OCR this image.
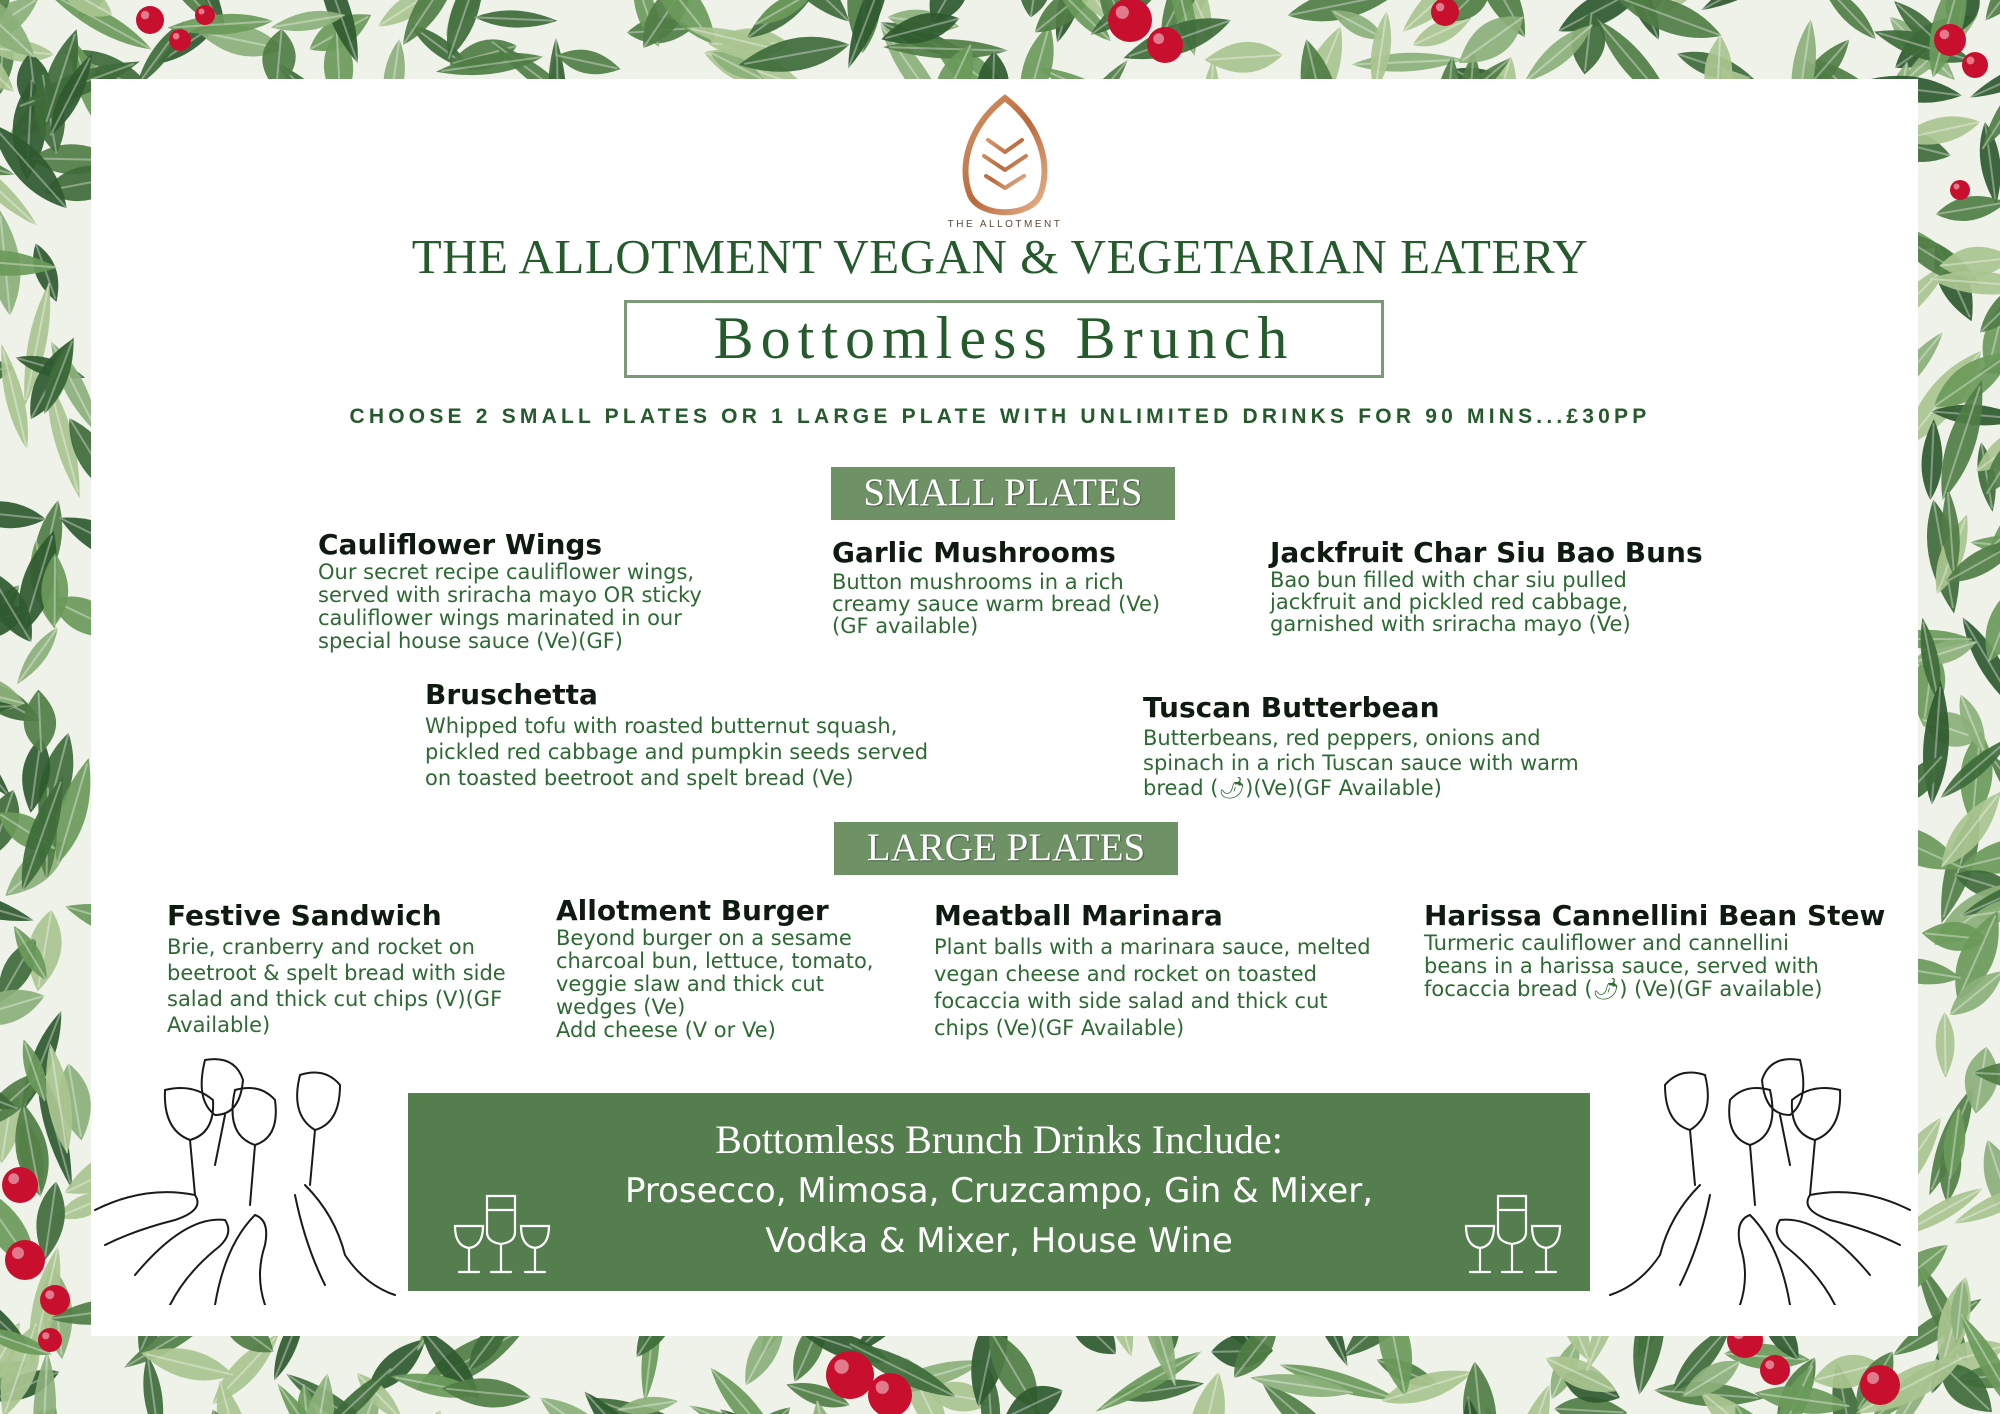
THE ALLOTMENT
THE ALLOTMENT VEGAN & VEGETARIAN EATERY
Bottomless Brunch
CHOOSE 2 SMALL PLATES OR 1 LARGE PLATE WITH UNLIMITED DRINKS FOR 90 MINS...£30PP
SMALL PLATES
Cauliflower Wings
Our secret recipe cauliflower wings,
served with sriracha mayo OR sticky
cauliflower wings marinated in our
special house sauce (Ve)(GF)
Garlic Mushrooms
Button mushrooms in a rich
creamy sauce warm bread (Ve)
(GF available)
Jackfruit Char Siu Bao Buns
Bao bun filled with char siu pulled
jackfruit and pickled red cabbage,
garnished with sriracha mayo (Ve)
Bruschetta
Whipped tofu with roasted butternut squash,
pickled red cabbage and pumpkin seeds served
on toasted beetroot and spelt bread (Ve)
Tuscan Butterbean
Butterbeans, red peppers, onions and
spinach in a rich Tuscan sauce with warm
bread (🌶)(Ve)(GF Available)
LARGE PLATES
Festive Sandwich
Brie, cranberry and rocket on
beetroot & spelt bread with side
salad and thick cut chips (V)(GF
Available)
Allotment Burger
Beyond burger on a sesame
charcoal bun, lettuce, tomato,
veggie slaw and thick cut
wedges (Ve)
Add cheese (V or Ve)
Meatball Marinara
Plant balls with a marinara sauce, melted
vegan cheese and rocket on toasted
focaccia with side salad and thick cut
chips (Ve)(GF Available)
Harissa Cannellini Bean Stew
Turmeric cauliflower and cannellini
beans in a harissa sauce, served with
focaccia bread (🌶) (Ve)(GF available)
Bottomless Brunch Drinks Include:
Prosecco, Mimosa, Cruzcampo, Gin & Mixer,
Vodka & Mixer, House Wine
